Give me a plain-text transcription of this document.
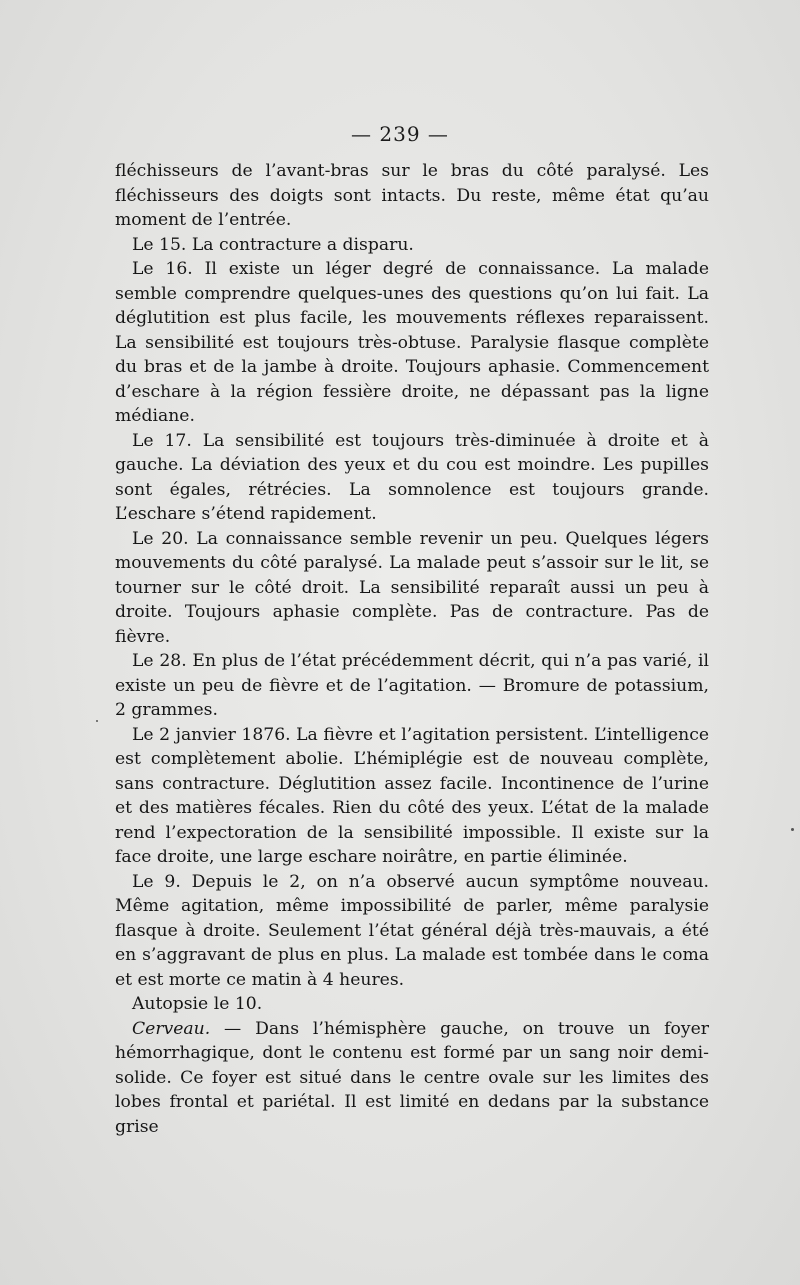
— 239 —

fléchisseurs de l’avant-bras sur le bras du côté paralysé. Les fléchisseurs des doigts sont intacts. Du reste, même état qu’au moment de l’entrée.

Le 15. La contracture a disparu.

Le 16. Il existe un léger degré de connaissance. La malade semble comprendre quelques-unes des questions qu’on lui fait. La déglutition est plus facile, les mouvements réflexes reparaissent. La sensibilité est toujours très-obtuse. Paralysie flasque complète du bras et de la jambe à droite. Toujours aphasie. Commencement d’eschare à la région fessière droite, ne dépassant pas la ligne médiane.

Le 17. La sensibilité est toujours très-diminuée à droite et à gauche. La déviation des yeux et du cou est moindre. Les pupilles sont égales, rétrécies. La somnolence est toujours grande. L’eschare s’étend rapidement.

Le 20. La connaissance semble revenir un peu. Quelques légers mouvements du côté paralysé. La malade peut s’assoir sur le lit, se tourner sur le côté droit. La sensibilité reparaît aussi un peu à droite. Toujours aphasie complète. Pas de contracture. Pas de fièvre.

Le 28. En plus de l’état précédemment décrit, qui n’a pas varié, il existe un peu de fièvre et de l’agitation. — Bromure de potassium, 2 grammes.

Le 2 janvier 1876. La fièvre et l’agitation persistent. L’intelligence est complètement abolie. L’hémiplégie est de nouveau complète, sans contracture. Déglutition assez facile. Incontinence de l’urine et des matières fécales. Rien du côté des yeux. L’état de la malade rend l’expectoration de la sensibilité impossible. Il existe sur la face droite, une large eschare noirâtre, en partie éliminée.

Le 9. Depuis le 2, on n’a observé aucun symptôme nouveau. Même agitation, même impossibilité de parler, même paralysie flasque à droite. Seulement l’état général déjà très-mauvais, a été en s’aggravant de plus en plus. La malade est tombée dans le coma et est morte ce matin à 4 heures.

Autopsie le 10.

Cerveau. — Dans l’hémisphère gauche, on trouve un foyer hémorrhagique, dont le contenu est formé par un sang noir demi-solide. Ce foyer est situé dans le centre ovale sur les limites des lobes frontal et pariétal. Il est limité en dedans par la substance grise
